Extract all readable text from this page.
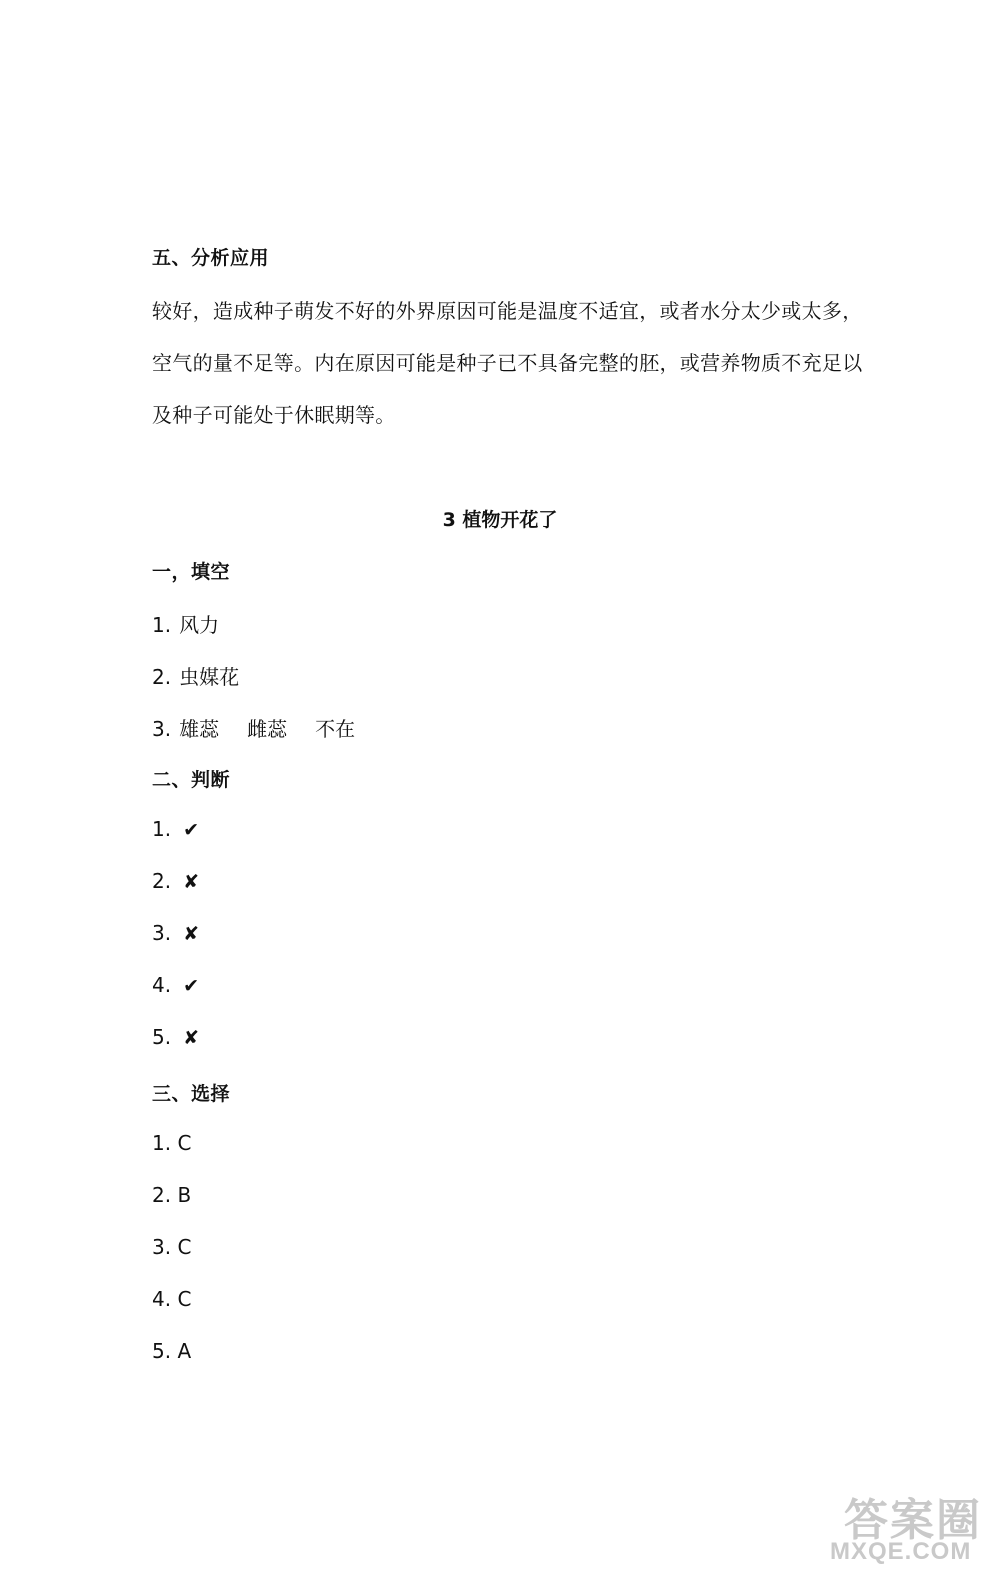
五、分析应用
较好，造成种子萌发不好的外界原因可能是温度不适宜，或者水分太少或太多，
空气的量不足等。内在原因可能是种子已不具备完整的胚，或营养物质不充足以
及种子可能处于休眠期等。
3 植物开花了
一，填空
1. 风力
2. 虫媒花
3. 雄蕊 雌蕊 不在
二、判断
1. ✔
2. ✘
3. ✘
4. ✔
5. ✘
三、选择
1. C
2. B
3. C
4. C
5. A
答案圈
MXQE.COM
